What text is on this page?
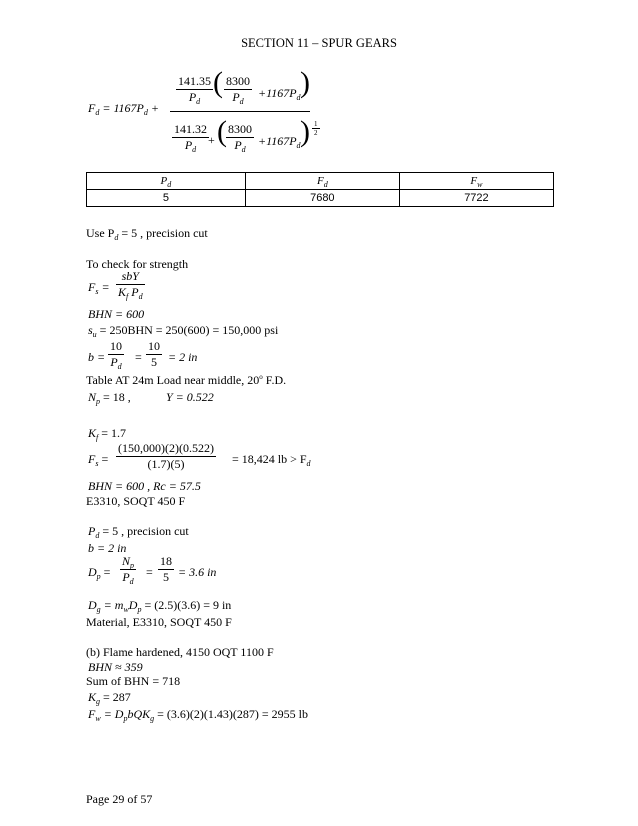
SECTION 11 – SPUR GEARS
$F_d = 1167P_d$ +
$\frac{141.35}{P_d}$ ( $\frac{8300}{P_d} +1167P_d$ )
$\frac{141.32}{P_d}$ + ( $\frac{8300}{P_d} +1167P_d$ ) $\frac{1}{2}$
$P_d$	$F_d$	$F_w$
5	7680	7722
Use $P_d = 5$ , precision cut
To check for strength
$F_s = \frac{\text{sbY}}{K_f P_d}$
BHN = 600
$s_u = 250BHN = 250(600) = 150,000$ psi
$b = \frac{10}{P_d} = \frac{10}{5} = 2$ in
Table AT 24m Load near middle, 20$^o$ F.D.
$N_p = 18$ ,	Y = 0.522
$K_f = 1.7$
$F_s = \frac{(150,000)(2)(0.522)}{(1.7)(5)} = 18,424$ lb > $F_d$
BHN = 600 , Rc = 57.5
E3310, SOQT 450 F
$P_d = 5$ , precision cut
b = 2 in
$D_p = \frac{N_p}{P_d} = \frac{18}{5} = 3.6$ in
$D_g = m_wD_p = (2.5)(3.6) = 9$ in
Material, E3310, SOQT 450 F
(b) Flame hardened, 4150 OQT 1100 F
BHN ≈ 359
Sum of BHN = 718
$K_g = 287$
$F_w = D_pbQK_g = (3.6)(2)(1.43)(287) = 2955$ lb
Page 29 of 57
